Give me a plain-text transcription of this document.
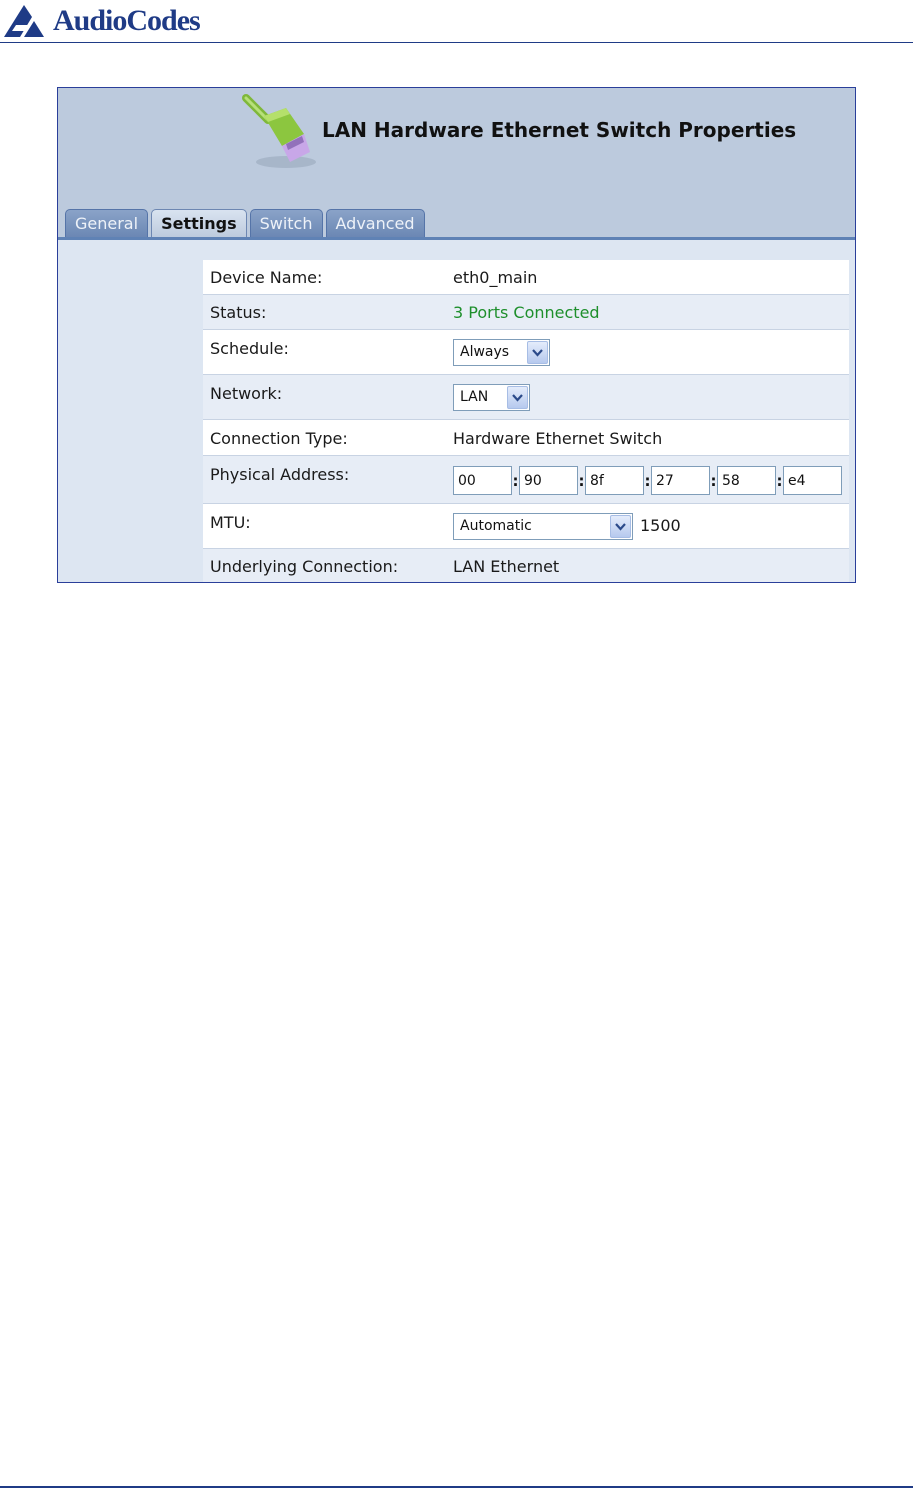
AudioCodes
LAN Hardware Ethernet Switch Properties
General	Settings	Switch	Advanced
Device Name:	eth0_main
Status:	3 Ports Connected
Schedule:	Always
Network:	LAN
Connection Type:	Hardware Ethernet Switch
Physical Address:
00	:
90	:
8f	:
27	:
58	:
e4
MTU:	Automatic	1500
Underlying Connection:	LAN Ethernet
